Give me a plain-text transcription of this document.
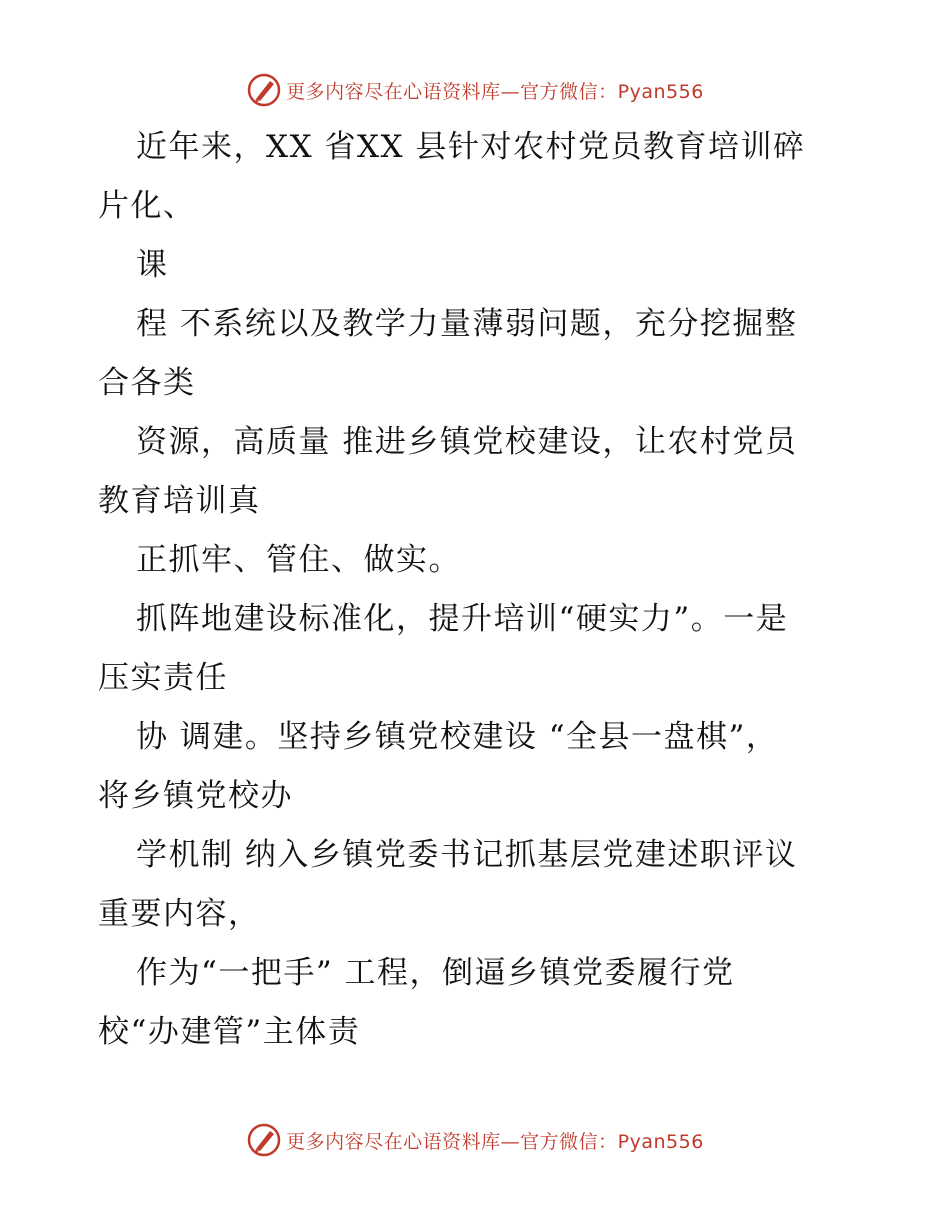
更多内容尽在心语资料库—官方微信：Pyan556
近年来，XX 省XX 县针对农村党员教育培训碎
片化、
课
程 不系统以及教学力量薄弱问题，充分挖掘整
合各类
资源，高质量 推进乡镇党校建设，让农村党员
教育培训真
正抓牢、管住、做实。
抓阵地建设标准化，提升培训“硬实力”。一是
压实责任
协 调建。坚持乡镇党校建设 “全县一盘棋”，
将乡镇党校办
学机制 纳入乡镇党委书记抓基层党建述职评议
重要内容，
作为“一把手” 工程，倒逼乡镇党委履行党
校“办建管”主体责
更多内容尽在心语资料库—官方微信：Pyan556
